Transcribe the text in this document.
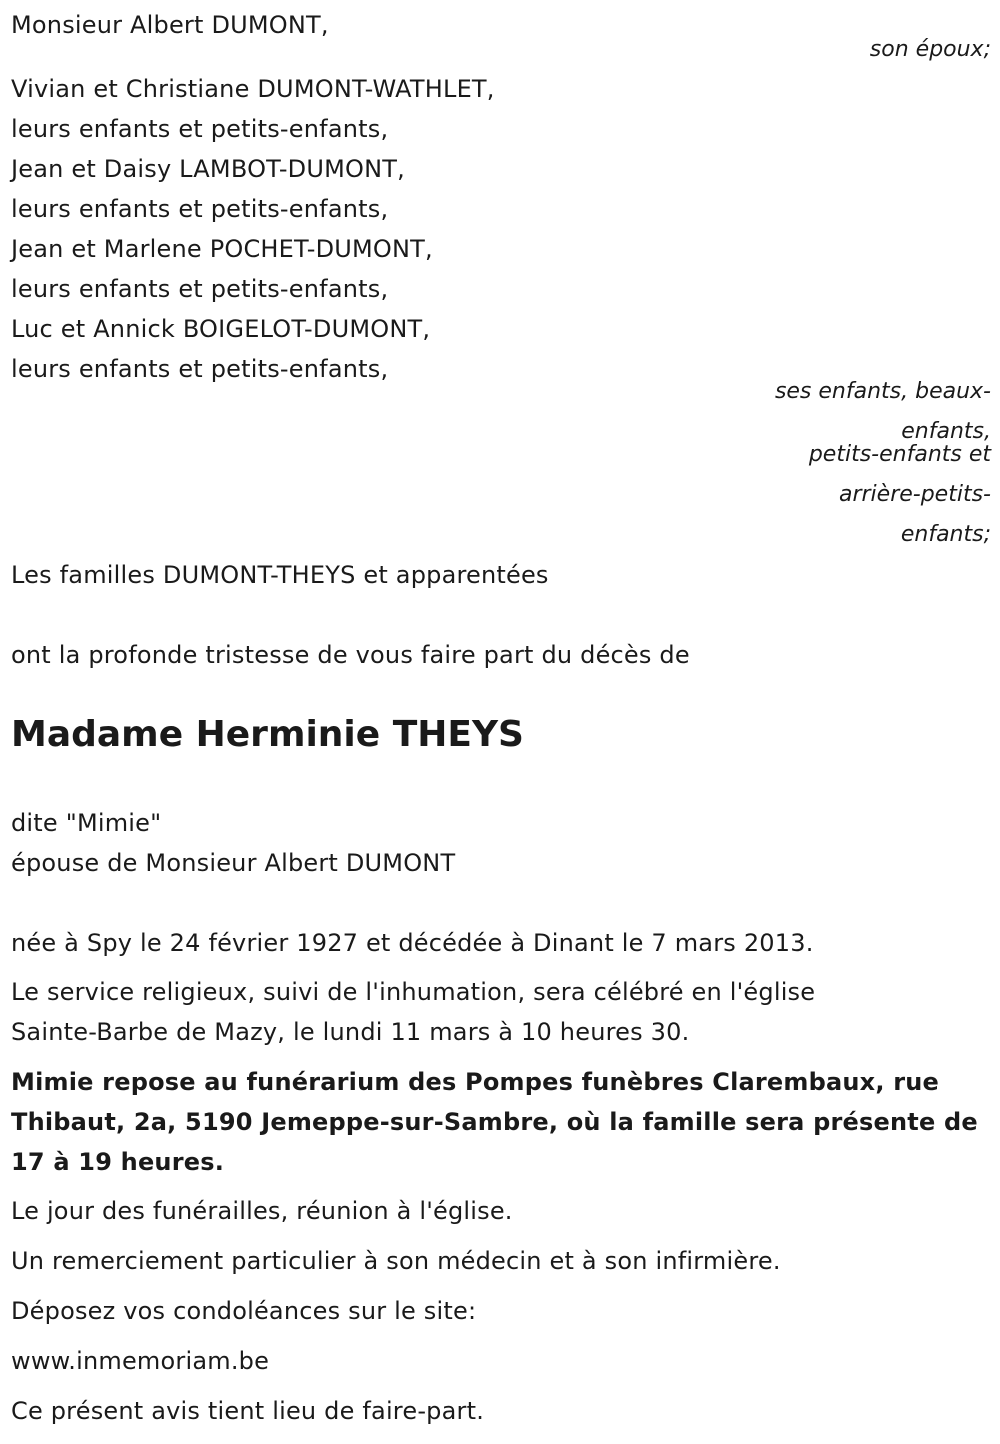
Monsieur Albert DUMONT,
son époux;
Vivian et Christiane DUMONT-WATHLET,
leurs enfants et petits-enfants,
Jean et Daisy LAMBOT-DUMONT,
leurs enfants et petits-enfants,
Jean et Marlene POCHET-DUMONT,
leurs enfants et petits-enfants,
Luc et Annick BOIGELOT-DUMONT,
leurs enfants et petits-enfants,
ses enfants, beaux-
enfants,
petits-enfants et
arrière-petits-
enfants;
Les familles DUMONT-THEYS et apparentées
ont la profonde tristesse de vous faire part du décès de
Madame Herminie THEYS
dite "Mimie"
épouse de Monsieur Albert DUMONT
née à Spy le 24 février 1927 et décédée à Dinant le 7 mars 2013.
Le service religieux, suivi de l'inhumation, sera célébré en l'église
Sainte-Barbe de Mazy, le lundi 11 mars à 10 heures 30.
Mimie repose au funérarium des Pompes funèbres Clarembaux, rue
Thibaut, 2a, 5190 Jemeppe-sur-Sambre, où la famille sera présente de
17 à 19 heures.
Le jour des funérailles, réunion à l'église.
Un remerciement particulier à son médecin et à son infirmière.
Déposez vos condoléances sur le site:
www.inmemoriam.be
Ce présent avis tient lieu de faire-part.
